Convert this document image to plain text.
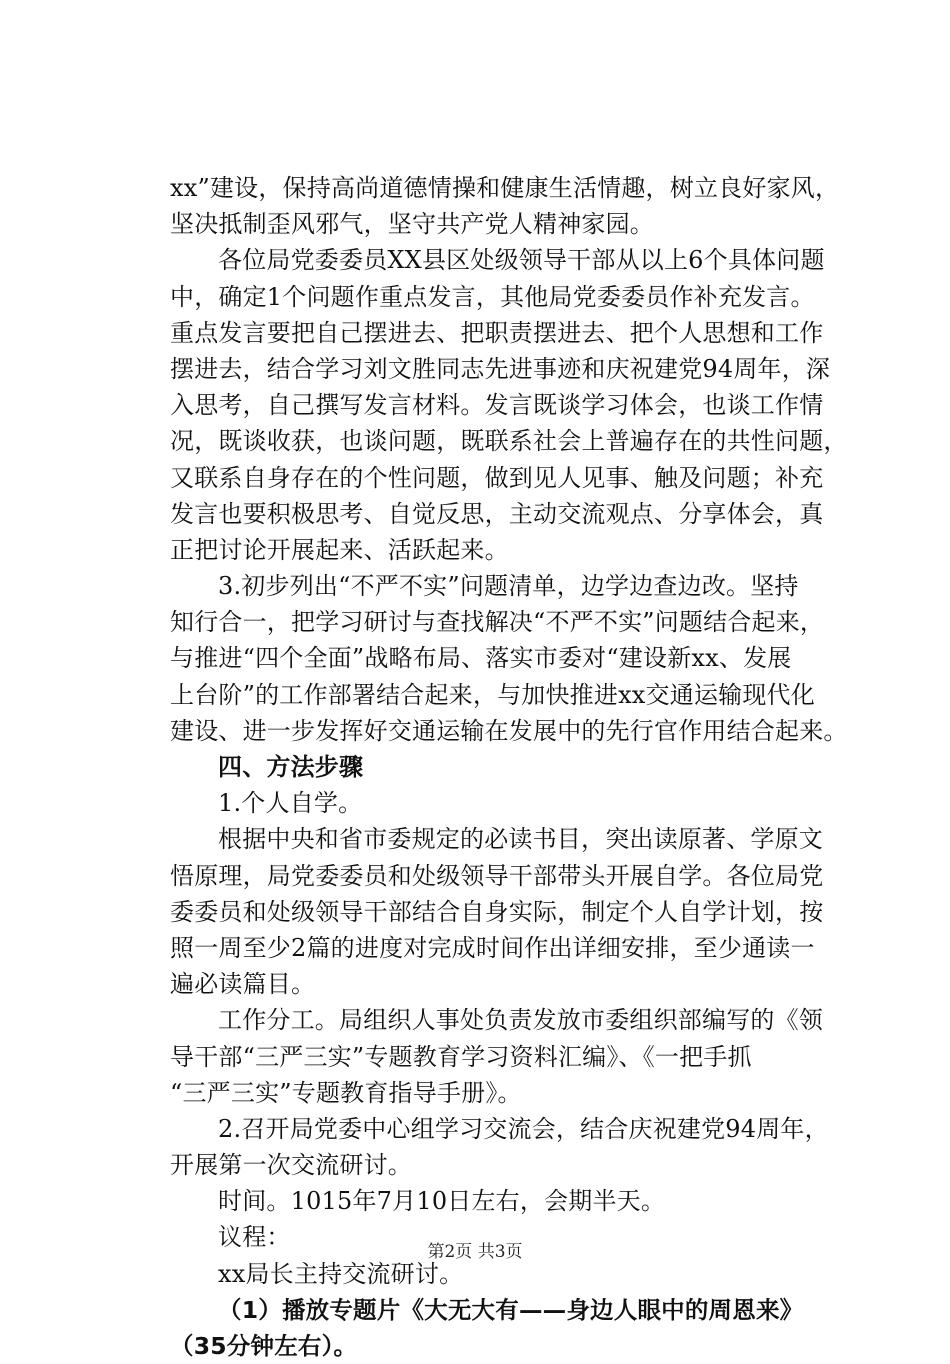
xx”建设，保持高尚道德情操和健康生活情趣，树立良好家风，
坚决抵制歪风邪气，坚守共产党人精神家园。
各位局党委委员XX县区处级领导干部从以上6个具体问题
中，确定1个问题作重点发言，其他局党委委员作补充发言。
重点发言要把自己摆进去、把职责摆进去、把个人思想和工作
摆进去，结合学习刘文胜同志先进事迹和庆祝建党94周年，深
入思考，自己撰写发言材料。发言既谈学习体会，也谈工作情
况，既谈收获，也谈问题，既联系社会上普遍存在的共性问题，
又联系自身存在的个性问题，做到见人见事、触及问题；补充
发言也要积极思考、自觉反思，主动交流观点、分享体会，真
正把讨论开展起来、活跃起来。
3.初步列出“不严不实”问题清单，边学边查边改。坚持
知行合一，把学习研讨与查找解决“不严不实”问题结合起来，
与推进“四个全面”战略布局、落实市委对“建设新xx、发展
上台阶”的工作部署结合起来，与加快推进xx交通运输现代化
建设、进一步发挥好交通运输在发展中的先行官作用结合起来。
四、方法步骤
1.个人自学。
根据中央和省市委规定的必读书目，突出读原著、学原文
悟原理，局党委委员和处级领导干部带头开展自学。各位局党
委委员和处级领导干部结合自身实际，制定个人自学计划，按
照一周至少2篇的进度对完成时间作出详细安排，至少通读一
遍必读篇目。
工作分工。局组织人事处负责发放市委组织部编写的《领
导干部“三严三实”专题教育学习资料汇编》、《一把手抓
“三严三实”专题教育指导手册》。
2.召开局党委中心组学习交流会，结合庆祝建党94周年，
开展第一次交流研讨。
时间。1015年7月10日左右，会期半天。
议程：
xx局长主持交流研讨。
（1）播放专题片《大无大有——身边人眼中的周恩来》
（35分钟左右）。
第2页 共3页
